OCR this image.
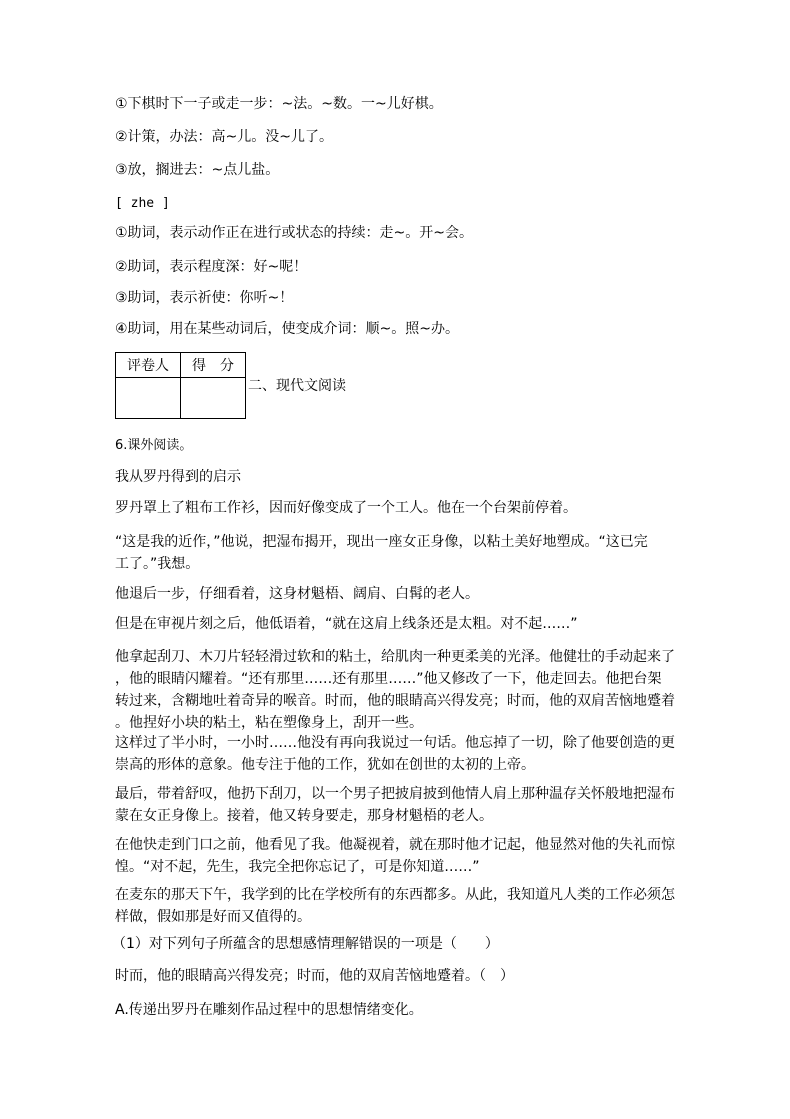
①下棋时下一子或走一步：~法。~数。一~儿好棋。
②计策，办法：高~儿。没~儿了。
③放，搁进去：~点儿盐。
[ zhe ]
①助词，表示动作正在进行或状态的持续：走~。开~会。
②助词，表示程度深：好~呢！
③助词，表示祈使：你听~！
④助词，用在某些动词后，使变成介词：顺~。照~办。
评卷人	得　分

二、现代文阅读
6.课外阅读。
我从罗丹得到的启示
罗丹罩上了粗布工作衫，因而好像变成了一个工人。他在一个台架前停着。
“这是我的近作，”他说，把湿布揭开，现出一座女正身像，以粘土美好地塑成。“这已完
工了。”我想。
他退后一步，仔细看着，这身材魁梧、阔肩、白髯的老人。
但是在审视片刻之后，他低语着，“就在这肩上线条还是太粗。对不起……”
他拿起刮刀、木刀片轻轻滑过软和的粘土，给肌肉一种更柔美的光泽。他健壮的手动起来了
，他的眼睛闪耀着。“还有那里……还有那里……”他又修改了一下，他走回去。他把台架
转过来，含糊地吐着奇异的喉音。时而，他的眼睛高兴得发亮；时而，他的双肩苦恼地蹙着
。他捏好小块的粘土，粘在塑像身上，刮开一些。
这样过了半小时，一小时……他没有再向我说过一句话。他忘掉了一切，除了他要创造的更
崇高的形体的意象。他专注于他的工作，犹如在创世的太初的上帝。
最后，带着舒叹，他扔下刮刀，以一个男子把披肩披到他情人肩上那种温存关怀般地把湿布
蒙在女正身像上。接着，他又转身要走，那身材魁梧的老人。
在他快走到门口之前，他看见了我。他凝视着，就在那时他才记起，他显然对他的失礼而惊
惶。“对不起，先生，我完全把你忘记了，可是你知道……”
在麦东的那天下午，我学到的比在学校所有的东西都多。从此，我知道凡人类的工作必须怎
样做，假如那是好而又值得的。
（1）对下列句子所蕴含的思想感情理解错误的一项是（　　）
时而，他的眼睛高兴得发亮；时而，他的双肩苦恼地蹙着。（　）
A.传递出罗丹在雕刻作品过程中的思想情绪变化。
